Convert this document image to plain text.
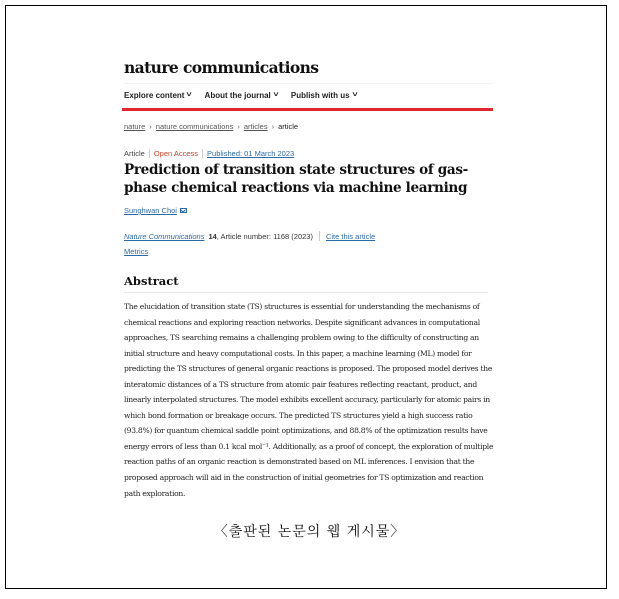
nature communications
Explore content ˅ About the journal ˅ Publish with us ˅
nature › nature communications › articles › article
Article	Open Access	Published: 01 March 2023
Prediction of transition state structures of gas-phase chemical reactions via machine learning
Sunghwan Choi
Nature Communications 14 , Article number: 1168 (2023) Cite this article
Metrics
Abstract

The elucidation of transition state (TS) structures is essential for understanding the mechanisms of chemical reactions and exploring reaction networks. Despite significant advances in computational approaches, TS searching remains a challenging problem owing to the difficulty of constructing an initial structure and heavy computational costs. In this paper, a machine learning (ML) model for predicting the TS structures of general organic reactions is proposed. The proposed model derives the interatomic distances of a TS structure from atomic pair features reflecting reactant, product, and linearly interpolated structures. The model exhibits excellent accuracy, particularly for atomic pairs in which bond formation or breakage occurs. The predicted TS structures yield a high success ratio (93.8%) for quantum chemical saddle point optimizations, and 88.8% of the optimization results have energy errors of less than 0.1 kcal mol⁻¹. Additionally, as a proof of concept, the exploration of multiple reaction paths of an organic reaction is demonstrated based on ML inferences. I envision that the proposed approach will aid in the construction of initial geometries for TS optimization and reaction path exploration.

〈출판된 논문의 웹 게시물〉
